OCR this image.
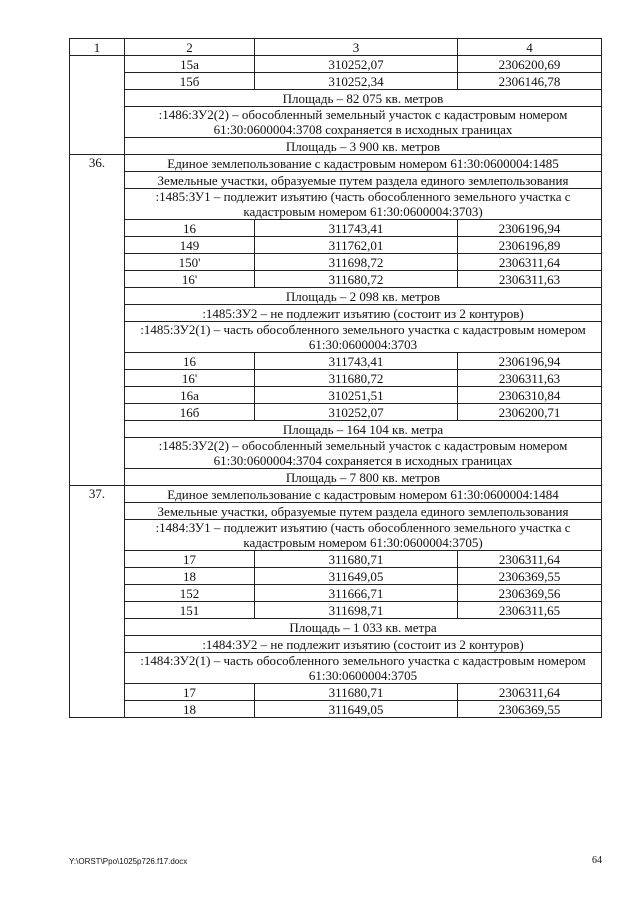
1	2	3	4
	15а	310252,07	2306200,69
	15б	310252,34	2306146,78
	Площадь – 82 075 кв. метров		
	:1486:ЗУ2(2) – обособленный земельный участок с кадастровым номером 61:30:0600004:3708 сохраняется в исходных границах		
	Площадь – 3 900 кв. метров		
36.	Единое землепользование с кадастровым номером 61:30:0600004:1485		
	Земельные участки, образуемые путем раздела единого землепользования		
	:1485:ЗУ1 – подлежит изъятию (часть обособленного земельного участка с кадастровым номером 61:30:0600004:3703)		
	16	311743,41	2306196,94
	149	311762,01	2306196,89
	150'	311698,72	2306311,64
	16'	311680,72	2306311,63
	Площадь – 2 098 кв. метров		
	:1485:ЗУ2 – не подлежит изъятию (состоит из 2 контуров)		
	:1485:ЗУ2(1) – часть обособленного земельного участка с кадастровым номером 61:30:0600004:3703		
	16	311743,41	2306196,94
	16'	311680,72	2306311,63
	16а	310251,51	2306310,84
	16б	310252,07	2306200,71
	Площадь – 164 104 кв. метра		
	:1485:ЗУ2(2) – обособленный земельный участок с кадастровым номером 61:30:0600004:3704 сохраняется в исходных границах		
	Площадь – 7 800 кв. метров		
37.	Единое землепользование с кадастровым номером 61:30:0600004:1484		
	Земельные участки, образуемые путем раздела единого землепользования		
	:1484:ЗУ1 – подлежит изъятию (часть обособленного земельного участка с кадастровым номером 61:30:0600004:3705)		
	17	311680,71	2306311,64
	18	311649,05	2306369,55
	152	311666,71	2306369,56
	151	311698,71	2306311,65
	Площадь – 1 033 кв. метра		
	:1484:ЗУ2 – не подлежит изъятию (состоит из 2 контуров)		
	:1484:ЗУ2(1) – часть обособленного земельного участка с кадастровым номером 61:30:0600004:3705		
	17	311680,71	2306311,64
	18	311649,05	2306369,55
Y:\ORST\Ppo\1025p726.f17.docx	64
